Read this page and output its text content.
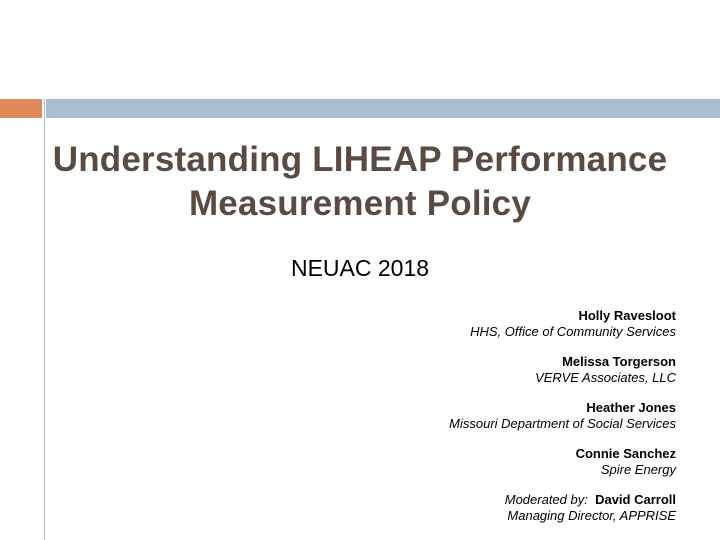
Understanding LIHEAP Performance
Measurement Policy
NEUAC 2018
Holly Ravesloot
HHS, Office of Community Services
Melissa Torgerson
VERVE Associates, LLC
Heather Jones
Missouri Department of Social Services
Connie Sanchez
Spire Energy
Moderated by: David Carroll
Managing Director, APPRISE
